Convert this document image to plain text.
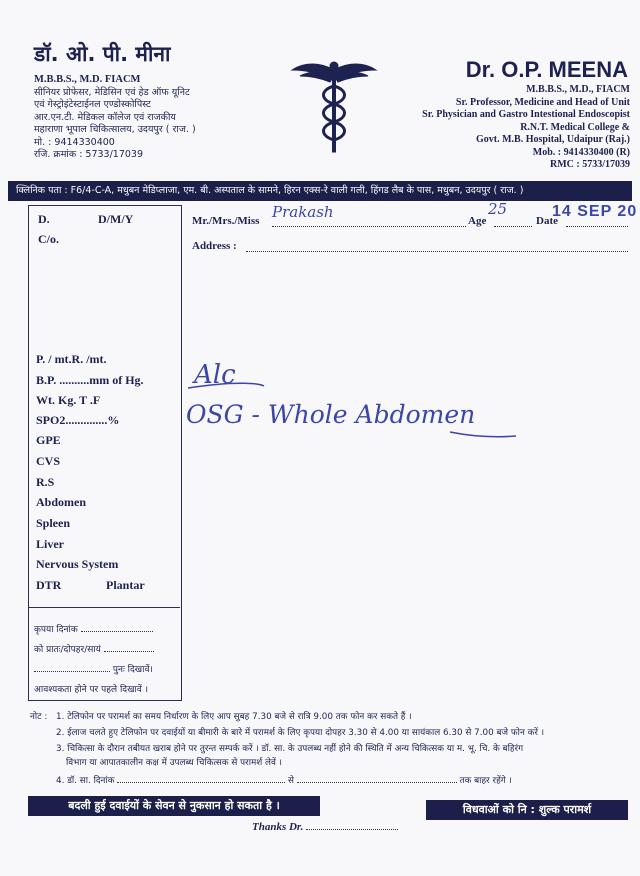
डॉ. ओ. पी. मीना
M.B.B.S., M.D. FIACM
सीनियर प्रोफेसर, मेडिसिन एवं हेड ऑफ यूनिट
एवं गेस्ट्रोइंटेस्टाईनल एण्डोस्कोपिस्ट
आर.एन.टी. मेडिकल कॉलेज एवं राजकीय
महाराणा भूपाल चिकित्सालय, उदयपुर ( राज. )
मो. : 9414330400
रजि. क्रमांक : 5733/17039
Dr. O.P. MEENA
M.B.B.S., M.D., FIACM
Sr. Professor, Medicine and Head of Unit
Sr. Physician and Gastro Intestional Endoscopist
R.N.T. Medical College &
Govt. M.B. Hospital, Udaipur (Raj.)
Mob. : 9414330400 (R)
RMC : 5733/17039
क्लिनिक पता : F6/4-C-A, मधुबन मेडिप्लाजा, एम. बी. अस्पताल के सामने, हिरन एक्स-रे वाली गली, हिंगड लैब के पास, मधुबन, उदयपुर ( राज. )
D.	D/M/Y
C/o.
P. / mt.R. /mt.
B.P. ..........mm of Hg.
Wt. Kg. T .F
SPO2..............%
GPE
CVS
R.S
Abdomen
Spleen
Liver
Nervous System
DTR	Plantar
कृपया दिनांक
को प्रातः/दोपहर/सायं
पुनः दिखावें।
आवश्यकता होने पर पहले दिखावें ।
Mr./Mrs./Miss	Age	Date
Address :
Prakash	25	14 SEP 20
Alc
OSG - Whole Abdomen
नोट : 1. टेलिफोन पर परामर्श का समय निर्धारण के लिए आप सुबह 7.30 बजे से रात्रि 9.00 तक फोन कर सकते हैं ।
2. ईलाज चलते हुए टेलिफोन पर दवाईयों या बीमारी के बारे में परामर्श के लिए कृपया दोपहर 3.30 से 4.00 या सायंकाल 6.30 से 7.00 बजे फोन करें ।
3. चिकित्सा के दौरान तबीयत खराब होने पर तुरन्त सम्पर्क करें । डॉ. सा. के उपलब्ध नहीं होने की स्थिति में अन्य चिकित्सक या म. भू. चि. के बहिरंग
विभाग या आपातकालीन कक्ष में उपलब्ध चिकित्सक से परामर्श लेवें ।
4. डॉ. सा. दिनांक	से	तक बाहर रहेंगे ।
बदली हुई दवाईयों के सेवन से नुकसान हो सकता है ।	विधवाओं को नि : शुल्क परामर्श
Thanks Dr.
